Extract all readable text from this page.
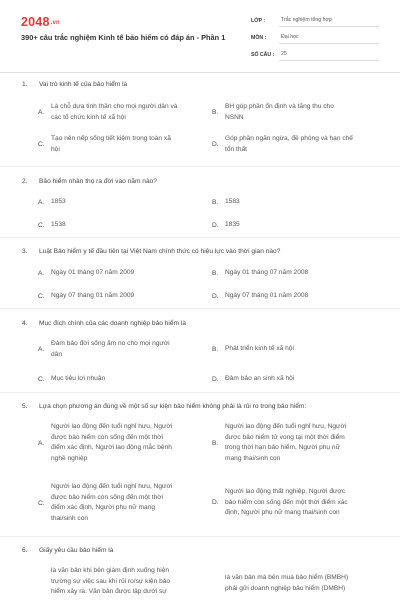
2048.vn
390+ câu trắc nghiệm Kinh tế bảo hiểm có đáp án - Phần 1
LỚP :	Trắc nghiệm tổng hợp
MÔN :	Đại học
SỐ CÂU :	25
1. Vai trò kinh tế của bảo hiểm là
A.
Là chỗ dựa tinh thần cho mọi người dân và
các tổ chức kinh tế xã hội
B.
BH góp phần ổn định và tăng thu cho
NSNN
C.
Tạo nên nếp sống tiết kiệm trong toàn xã
hội
D.
Góp phần ngăn ngừa, đề phòng và hạn chế
tổn thất
2. Bảo hiểm nhân thọ ra đời vào năm nào?
A.	1853	B.	1583
C. 1538	D. 1835
3. Luật Bảo hiểm y tế đầu tiên tại Việt Nam chính thức có hiệu lực vào thời gian nào?
A.	Ngày 01 tháng 07 năm 2009	B.	Ngày 01 tháng 07 năm 2008
C. Ngày 07 tháng 01 năm 2009	D. Ngày 07 tháng 01 năm 2008
4. Mục đích chính của các doanh nghiệp bảo hiểm là
A.
Đảm bảo đời sống ấm no cho mọi người
dân
B.	Phát triển kinh tế xã hội
C. Mục tiêu lợi nhuận	D. Đảm bảo an sinh xã hội
5. Lựa chọn phương án đúng về một số sự kiện bảo hiểm không phải là rủi ro trong bảo hiểm:
A.
Người lao động đến tuổi nghỉ hưu, Người
được bảo hiểm còn sống đến một thời
điểm xác định, Người lao động mắc bệnh
nghề nghiệp
B.
Người lao động đến tuổi nghỉ hưu, Người
được bảo hiểm tử vong tại một thời điểm
trong thời hạn bảo hiểm, Người phụ nữ
mang thai/sinh con
C.
Người lao động đến tuổi nghỉ hưu, Người
được bảo hiểm còn sống đến một thời
điểm xác định, Người phụ nữ mang
thai/sinh con
D.
Người lao động thất nghiệp, Người được
bảo hiểm còn sống đến một thời điểm xác
định, Người phụ nữ mang thai/sinh con
6. Giấy yêu cầu bảo hiểm là
là văn bản khi bên giám định xuống hiện
trường sự việc sau khi rủi ro/sự kiện bảo
hiểm xảy ra. Văn bản được lập dưới sự
là văn bản mà bên mua bảo hiểm (BMBH)
phải gửi doanh nghiệp bảo hiểm (DMBH)
